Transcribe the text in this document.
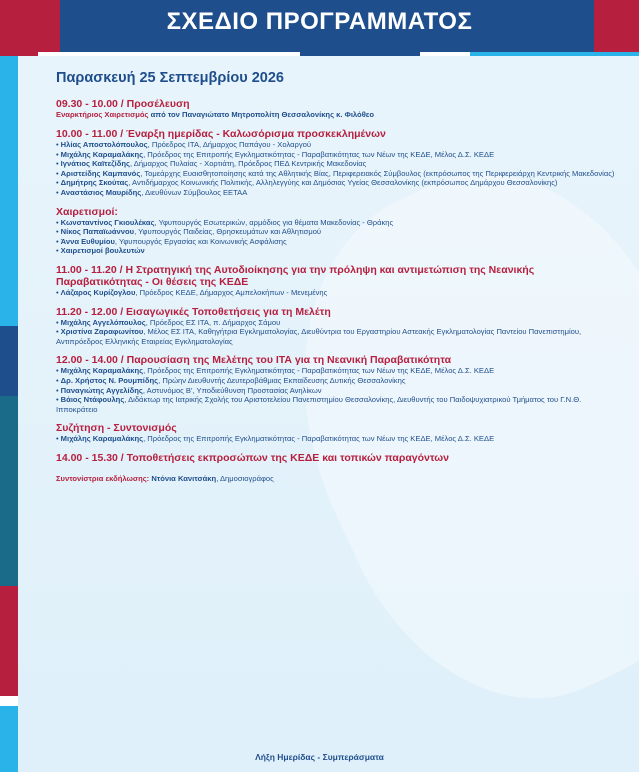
ΣΧΕΔΙΟ ΠΡΟΓΡΑΜΜΑΤΟΣ
Παρασκευή 25 Σεπτεμβρίου 2026
09.30 - 10.00 / Προσέλευση
Εναρκτήριος Χαιρετισμός από τον Παναγιώτατο Μητροπολίτη Θεσσαλονίκης κ. Φιλόθεο
10.00 - 11.00 / Έναρξη ημερίδας - Καλωσόρισμα προσκεκλημένων
• Ηλίας Αποστολόπουλος, Πρόεδρος ΙΤΑ, Δήμαρχος Παπάγου - Χολαργού
• Μιχάλης Καραμαλάκης, Πρόεδρος της Επιτροπής Εγκληματικότητας - Παραβατικότητας των Νέων της ΚΕΔΕ, Μέλος Δ.Σ. ΚΕΔΕ
• Ιγνάτιος Καϊτεζίδης, Δήμαρχος Πυλαίας - Χορτιάτη, Πρόεδρος ΠΕΔ Κεντρικής Μακεδονίας
• Αριστείδης Καμπανός, Τομεάρχης Ευαισθητοποίησης κατά της Αθλητικής Βίας, Περιφερειακός Σύμβουλος (εκπρόσωπος της Περιφερειάρχη Κεντρικής Μακεδονίας)
• Δημήτρης Σκούτας, Αντιδήμαρχος Κοινωνικής Πολιτικής, Αλληλεγγύης και Δημόσιας Υγείας Θεσσαλονίκης (εκπρόσωπος Δημάρχου Θεσσαλονίκης)
• Αναστάσιος Μαυρίδης, Διευθύνων Σύμβουλος ΕΕΤΑΑ
Χαιρετισμοί:
• Κωνσταντίνος Γκιουλέκας, Υφυπουργός Εσωτερικών, αρμόδιος για θέματα Μακεδονίας - Θράκης
• Νίκος Παπαϊωάννου, Υφυπουργός Παιδείας, Θρησκευμάτων και Αθλητισμού
• Άννα Ευθυμίου, Υφυπουργός Εργασίας και Κοινωνικής Ασφάλισης
• Χαιρετισμοί βουλευτών
11.00 - 11.20 / Η Στρατηγική της Αυτοδιοίκησης για την πρόληψη και αντιμετώπιση της Νεανικής Παραβατικότητας - Οι θέσεις της ΚΕΔΕ
• Λάζαρος Κυρίζογλου, Πρόεδρος ΚΕΔΕ, Δήμαρχος Αμπελοκήπων - Μενεμένης
11.20 - 12.00 / Εισαγωγικές Τοποθετήσεις για τη Μελέτη
• Μιχάλης Αγγελόπουλος, Πρόεδρος ΕΣ ΙΤΑ, π. Δήμαρχος Σάμου
• Χριστίνα Ζαραφωνίτου, Μέλος ΕΣ ΙΤΑ, Καθηγήτρια Εγκληματολογίας, Διευθύντρια του Εργαστηρίου Αστεακής Εγκληματολογίας Παντείου Πανεπιστημίου, Αντιπρόεδρος Ελληνικής Εταιρείας Εγκληματολογίας
12.00 - 14.00 / Παρουσίαση της Μελέτης του ΙΤΑ για τη Νεανική Παραβατικότητα
• Μιχάλης Καραμαλάκης, Πρόεδρος της Επιτροπής Εγκληματικότητας - Παραβατικότητας των Νέων της ΚΕΔΕ, Μέλος Δ.Σ. ΚΕΔΕ
• Δρ. Χρήστος Ν. Ρουμπίδης, Πρώην Διευθυντής Δευτεροβάθμιας Εκπαίδευσης Δυτικής Θεσσαλονίκης
• Παναγιώτης Αγγελίδης, Αστυνόμος Β', Υποδιεύθυνση Προστασίας Ανηλίκων
• Βάιος Ντάφουλης, Διδάκτωρ της Ιατρικής Σχολής του Αριστοτελείου Πανεπιστημίου Θεσσαλονίκης, Διευθυντής του Παιδοψυχιατρικού Τμήματος του Γ.Ν.Θ. Ιπποκράτειο
Συζήτηση - Συντονισμός
• Μιχάλης Καραμαλάκης, Πρόεδρος της Επιτροπής Εγκληματικότητας - Παραβατικότητας των Νέων της ΚΕΔΕ, Μέλος Δ.Σ. ΚΕΔΕ
14.00 - 15.30 / Τοποθετήσεις εκπροσώπων της ΚΕΔΕ και τοπικών παραγόντων
Συντονίστρια εκδήλωσης: Ντόνια Κανιτσάκη, Δημοσιογράφος
Λήξη Ημερίδας - Συμπεράσματα
